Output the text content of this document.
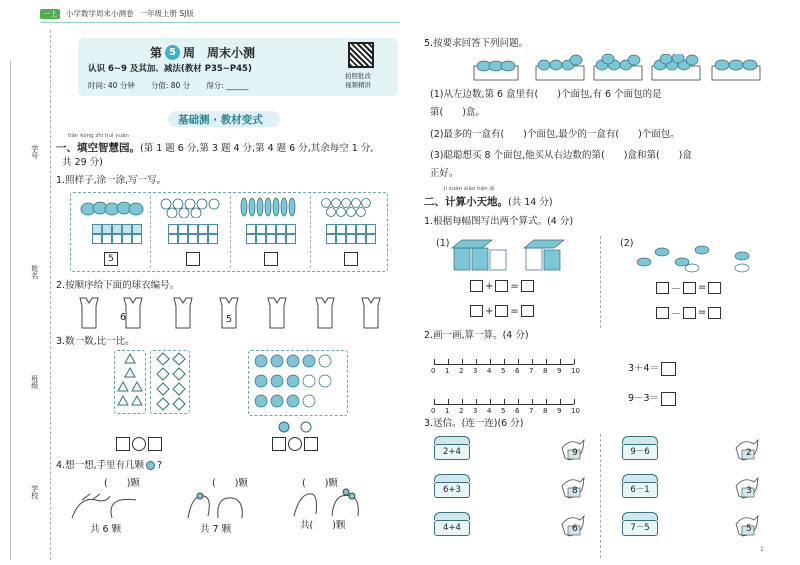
一上	小学数学周末小测卷 一年级上册 SJ版
学号
姓名
班级
学校
第 5 周　周末小测
认识 6~9 及其加、减法(教材 P35~P45)
时间: 40 分钟 分值: 80 分 得分: ______
拍照批改
视频精讲
基础测 · 教材变式
tián kòng zhì huì yuán
一、填空智慧园。(第 1 题 6 分,第 3 题 4 分,第 4 题 6 分,其余每空 1 分,
共 29 分)
1.照样子,涂一涂,写一写。
5
2.按顺序给下面的球衣编号。
6	5
3.数一数,比一比。
4.想一想,手里有几颗 ?
(　　)颗	(　　)颗	(　　)颗
共 6 颗	共 7 颗	共(　　)颗
5.按要求回答下列问题。
(1)从左边数,第 6 盒里有(　　)个面包,有 6 个面包的是
第(　　)盒。
(2)最多的一盒有(　　)个面包,最少的一盒有(　　)个面包。
(3)聪聪想买 8 个面包,他买从右边数的第(　　)盒和第(　　)盒
正好。
jì suàn xiǎo tiān dì
二、计算小天地。(共 14 分)
1.根据每幅图写出两个算式。(4 分)
(1)
+ =
+ =
(2)
－ =
－ =
2.画一画,算一算。(4 分)
0 1 2 3 4 5 6 7 8 9 10
0 1 2 3 4 5 6 7 8 9 10
3＋4＝
9－3＝
3.送信。(连一连)(6 分)
2+4	9
6+3	8
4+4	6
9－6	2
6－1	3
7－5	5
1
